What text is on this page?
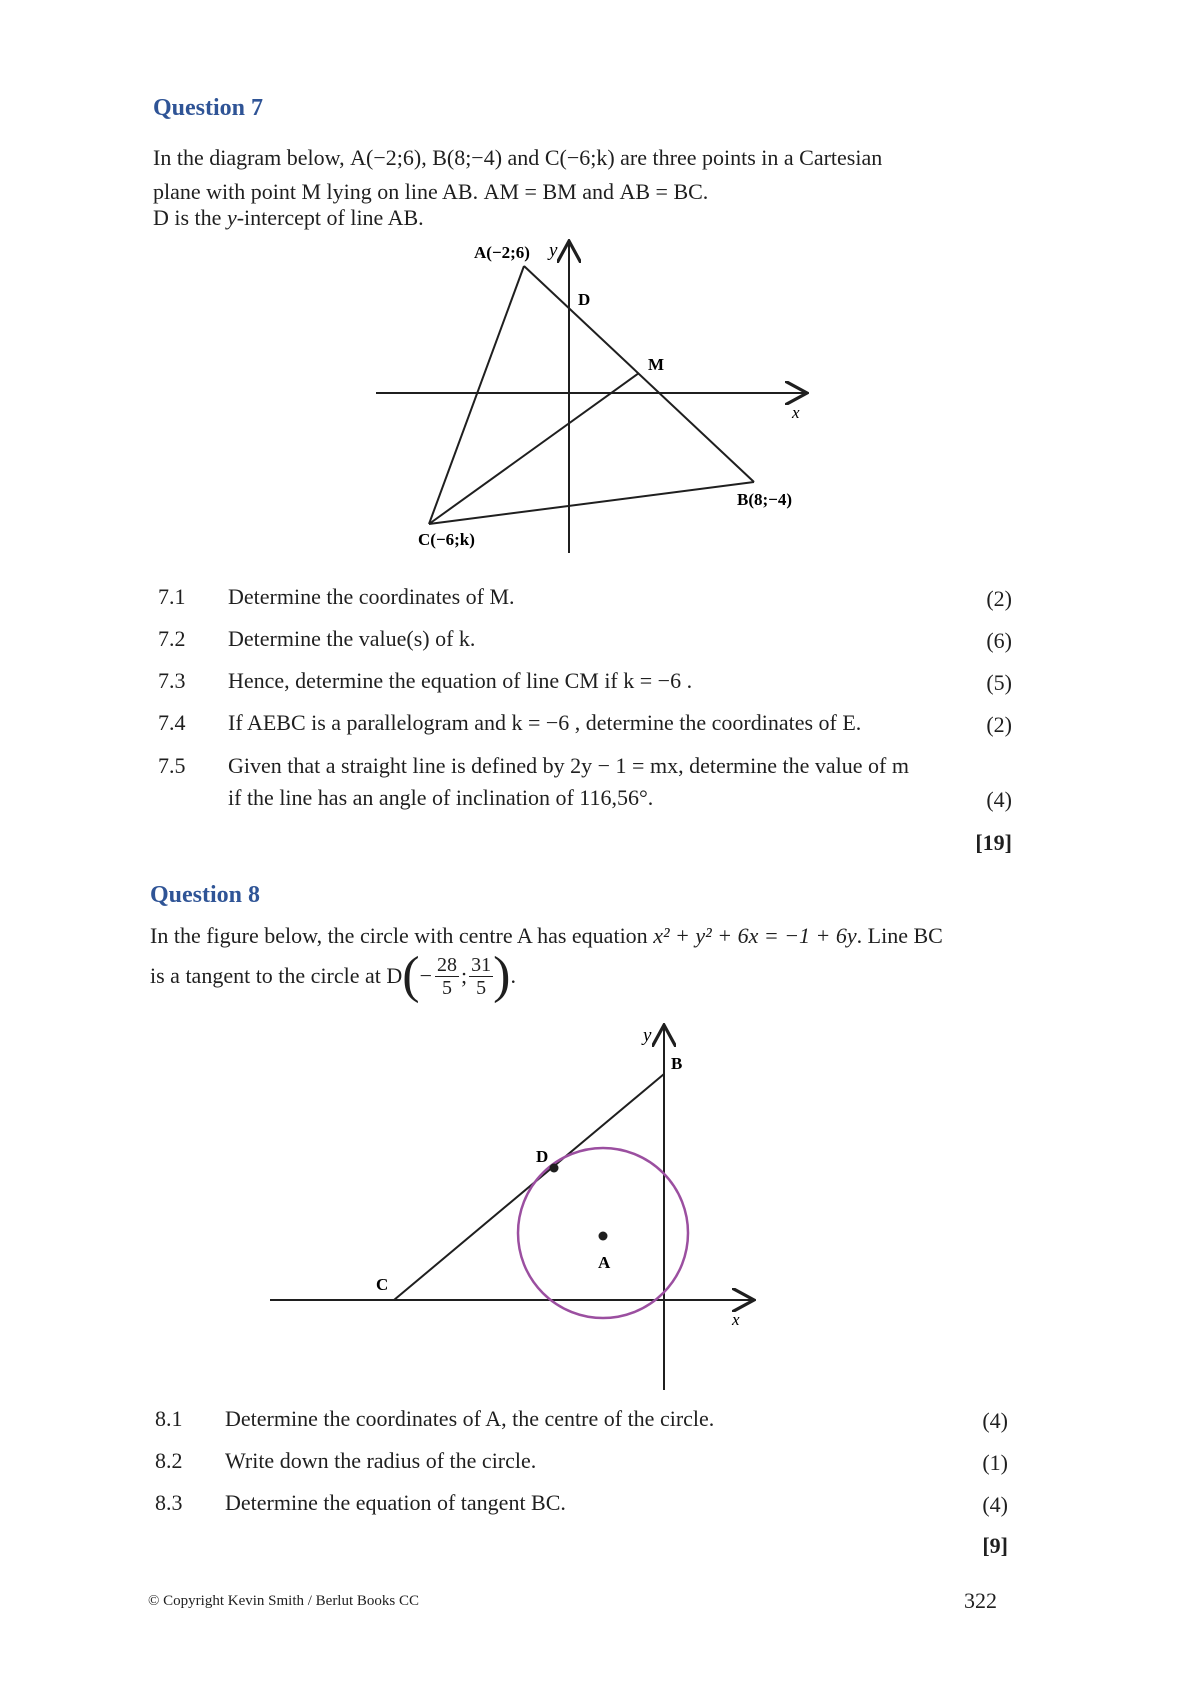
Question 7
In the diagram below, A(−2;6), B(8;−4) and C(−6;k) are three points in a Cartesian
plane with point M lying on line AB. AM = BM and AB = BC.
D is the y-intercept of line AB.
A(−2;6) y
D
M
x
B(8;−4)
C(−6;k)
7.1 Determine the coordinates of M.	(2)
7.2 Determine the value(s) of k.	(6)
7.3 Hence, determine the equation of line CM if k = −6 .	(5)
7.4 If AEBC is a parallelogram and k = −6 , determine the coordinates of E.	(2)
7.5 Given that a straight line is defined by 2y − 1 = mx, determine the value of m
if the line has an angle of inclination of 116,56°.	(4)
[19]
Question 8
In the figure below, the circle with centre A has equation x² + y² + 6x = −1 + 6y. Line BC
is a tangent to the circle at D ( − $\frac{28}{5}$ ; $\frac{31}{5}$ ) .
y
B
D
A
C
x
8.1 Determine the coordinates of A, the centre of the circle.	(4)
8.2 Write down the radius of the circle.	(1)
8.3 Determine the equation of tangent BC.	(4)
[9]
© Copyright Kevin Smith / Berlut Books CC	322
